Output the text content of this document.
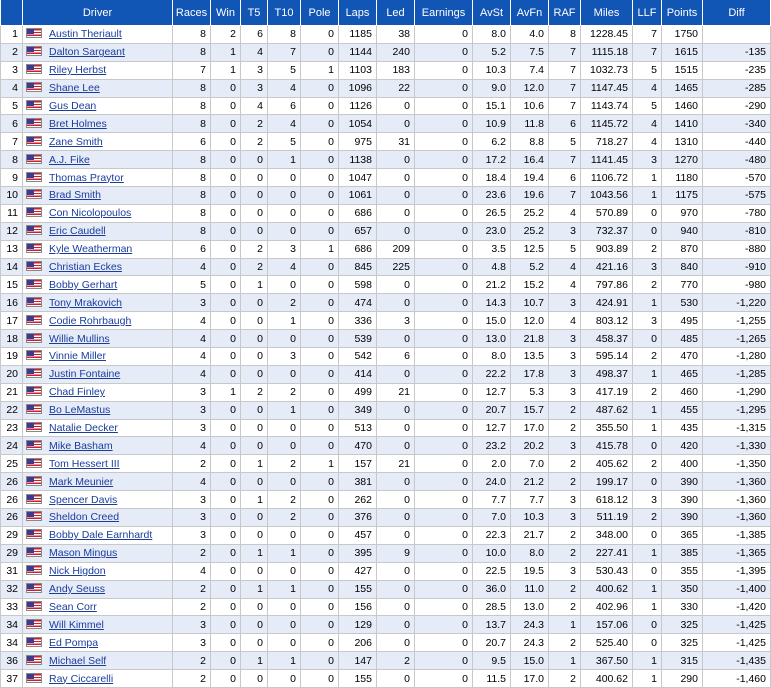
	Driver	Races	Win	T5	T10	Pole	Laps	Led	Earnings	AvSt	AvFn	RAF	Miles	LLF	Points	Diff
1	Austin Theriault	8	2	6	8	0	1185	38	0	8.0	4.0	8	1228.45	7	1750	
2	Dalton Sargeant	8	1	4	7	0	1144	240	0	5.2	7.5	7	1115.18	7	1615	-135
3	Riley Herbst	7	1	3	5	1	1103	183	0	10.3	7.4	7	1032.73	5	1515	-235
4	Shane Lee	8	0	3	4	0	1096	22	0	9.0	12.0	7	1147.45	4	1465	-285
5	Gus Dean	8	0	4	6	0	1126	0	0	15.1	10.6	7	1143.74	5	1460	-290
6	Bret Holmes	8	0	2	4	0	1054	0	0	10.9	11.8	6	1145.72	4	1410	-340
7	Zane Smith	6	0	2	5	0	975	31	0	6.2	8.8	5	718.27	4	1310	-440
8	A.J. Fike	8	0	0	1	0	1138	0	0	17.2	16.4	7	1141.45	3	1270	-480
9	Thomas Praytor	8	0	0	0	0	1047	0	0	18.4	19.4	6	1106.72	1	1180	-570
10	Brad Smith	8	0	0	0	0	1061	0	0	23.6	19.6	7	1043.56	1	1175	-575
11	Con Nicolopoulos	8	0	0	0	0	686	0	0	26.5	25.2	4	570.89	0	970	-780
12	Eric Caudell	8	0	0	0	0	657	0	0	23.0	25.2	3	732.37	0	940	-810
13	Kyle Weatherman	6	0	2	3	1	686	209	0	3.5	12.5	5	903.89	2	870	-880
14	Christian Eckes	4	0	2	4	0	845	225	0	4.8	5.2	4	421.16	3	840	-910
15	Bobby Gerhart	5	0	1	0	0	598	0	0	21.2	15.2	4	797.86	2	770	-980
16	Tony Mrakovich	3	0	0	2	0	474	0	0	14.3	10.7	3	424.91	1	530	-1,220
17	Codie Rohrbaugh	4	0	0	1	0	336	3	0	15.0	12.0	4	803.12	3	495	-1,255
18	Willie Mullins	4	0	0	0	0	539	0	0	13.0	21.8	3	458.37	0	485	-1,265
19	Vinnie Miller	4	0	0	3	0	542	6	0	8.0	13.5	3	595.14	2	470	-1,280
20	Justin Fontaine	4	0	0	0	0	414	0	0	22.2	17.8	3	498.37	1	465	-1,285
21	Chad Finley	3	1	2	2	0	499	21	0	12.7	5.3	3	417.19	2	460	-1,290
22	Bo LeMastus	3	0	0	1	0	349	0	0	20.7	15.7	2	487.62	1	455	-1,295
23	Natalie Decker	3	0	0	0	0	513	0	0	12.7	17.0	2	355.50	1	435	-1,315
24	Mike Basham	4	0	0	0	0	470	0	0	23.2	20.2	3	415.78	0	420	-1,330
25	Tom Hessert III	2	0	1	2	1	157	21	0	2.0	7.0	2	405.62	2	400	-1,350
26	Mark Meunier	4	0	0	0	0	381	0	0	24.0	21.2	2	199.17	0	390	-1,360
26	Spencer Davis	3	0	1	2	0	262	0	0	7.7	7.7	3	618.12	3	390	-1,360
26	Sheldon Creed	3	0	0	2	0	376	0	0	7.0	10.3	3	511.19	2	390	-1,360
29	Bobby Dale Earnhardt	3	0	0	0	0	457	0	0	22.3	21.7	2	348.00	0	365	-1,385
29	Mason Mingus	2	0	1	1	0	395	9	0	10.0	8.0	2	227.41	1	385	-1,365
31	Nick Higdon	4	0	0	0	0	427	0	0	22.5	19.5	3	530.43	0	355	-1,395
32	Andy Seuss	2	0	1	1	0	155	0	0	36.0	11.0	2	400.62	1	350	-1,400
33	Sean Corr	2	0	0	0	0	156	0	0	28.5	13.0	2	402.96	1	330	-1,420
34	Will Kimmel	3	0	0	0	0	129	0	0	13.7	24.3	1	157.06	0	325	-1,425
34	Ed Pompa	3	0	0	0	0	206	0	0	20.7	24.3	2	525.40	0	325	-1,425
36	Michael Self	2	0	1	1	0	147	2	0	9.5	15.0	1	367.50	1	315	-1,435
37	Ray Ciccarelli	2	0	0	0	0	155	0	0	11.5	17.0	2	400.62	1	290	-1,460
